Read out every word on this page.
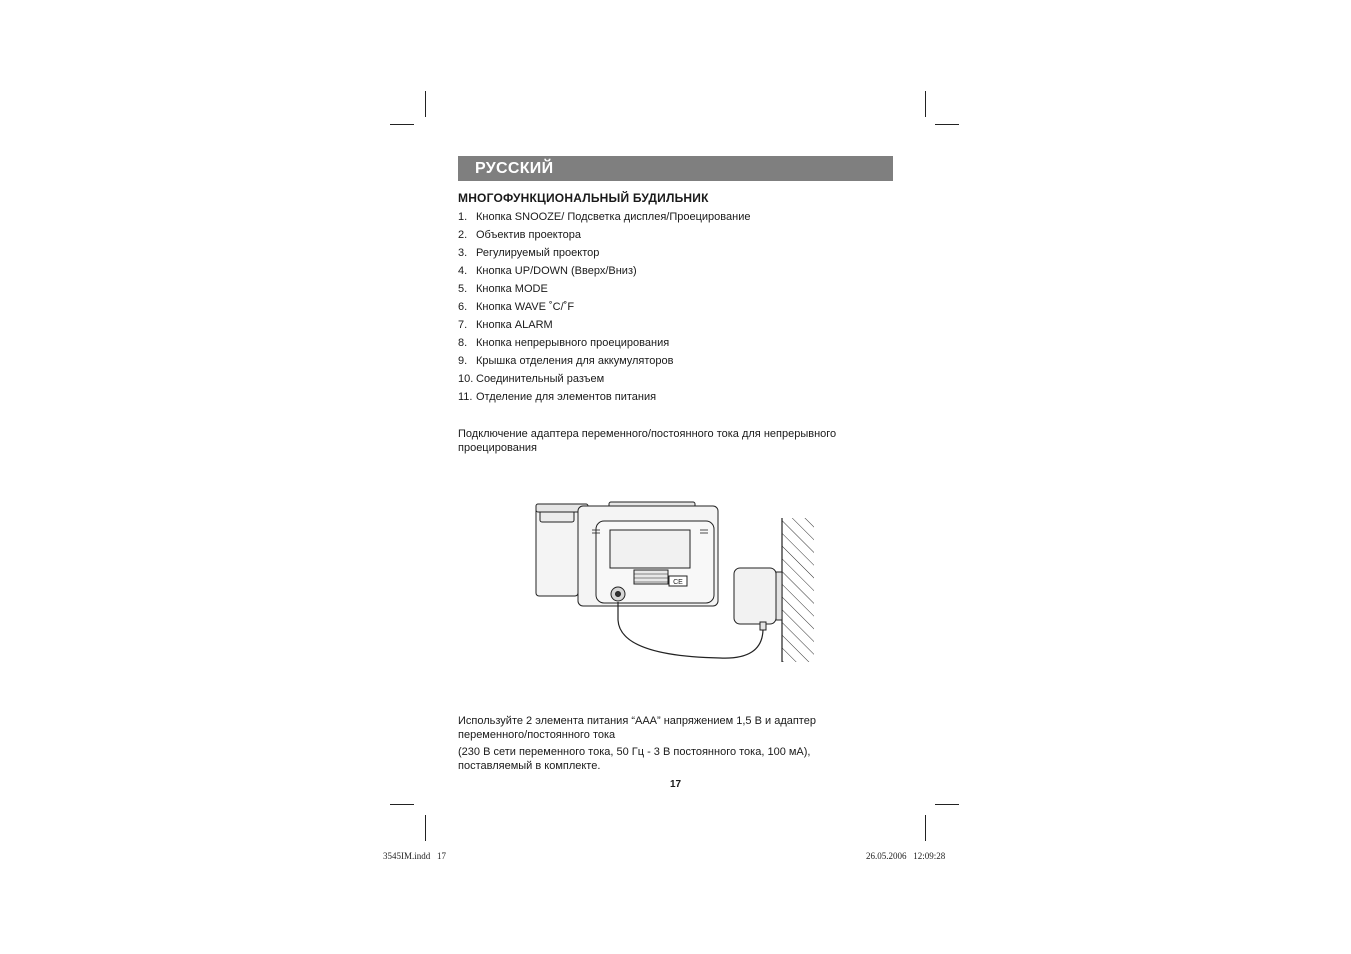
РУССКИЙ
МНОГОФУНКЦИОНАЛЬНЫЙ БУДИЛЬНИК
1. Кнопка SNOOZE/ Подсветка дисплея/Проецирование
2. Объектив проектора
3. Регулируемый проектор
4. Кнопка UP/DOWN (Вверх/Вниз)
5. Кнопка MODE
6. Кнопка WAVE ˚C/˚F
7. Кнопка ALARM
8. Кнопка непрерывного проецирования
9. Крышка отделения для аккумуляторов
10. Соединительный разъем
11. Отделение для элементов питания
Подключение адаптера переменного/постоянного тока для непрерывного
проецирования
CE
Используйте 2 элемента питания “AAA” напряжением 1,5 В и адаптер
переменного/постоянного тока
(230 В сети переменного тока, 50 Гц - 3 В постоянного тока, 100 мА),
поставляемый в комплекте.
17
3545IM.indd   17	26.05.2006   12:09:28
